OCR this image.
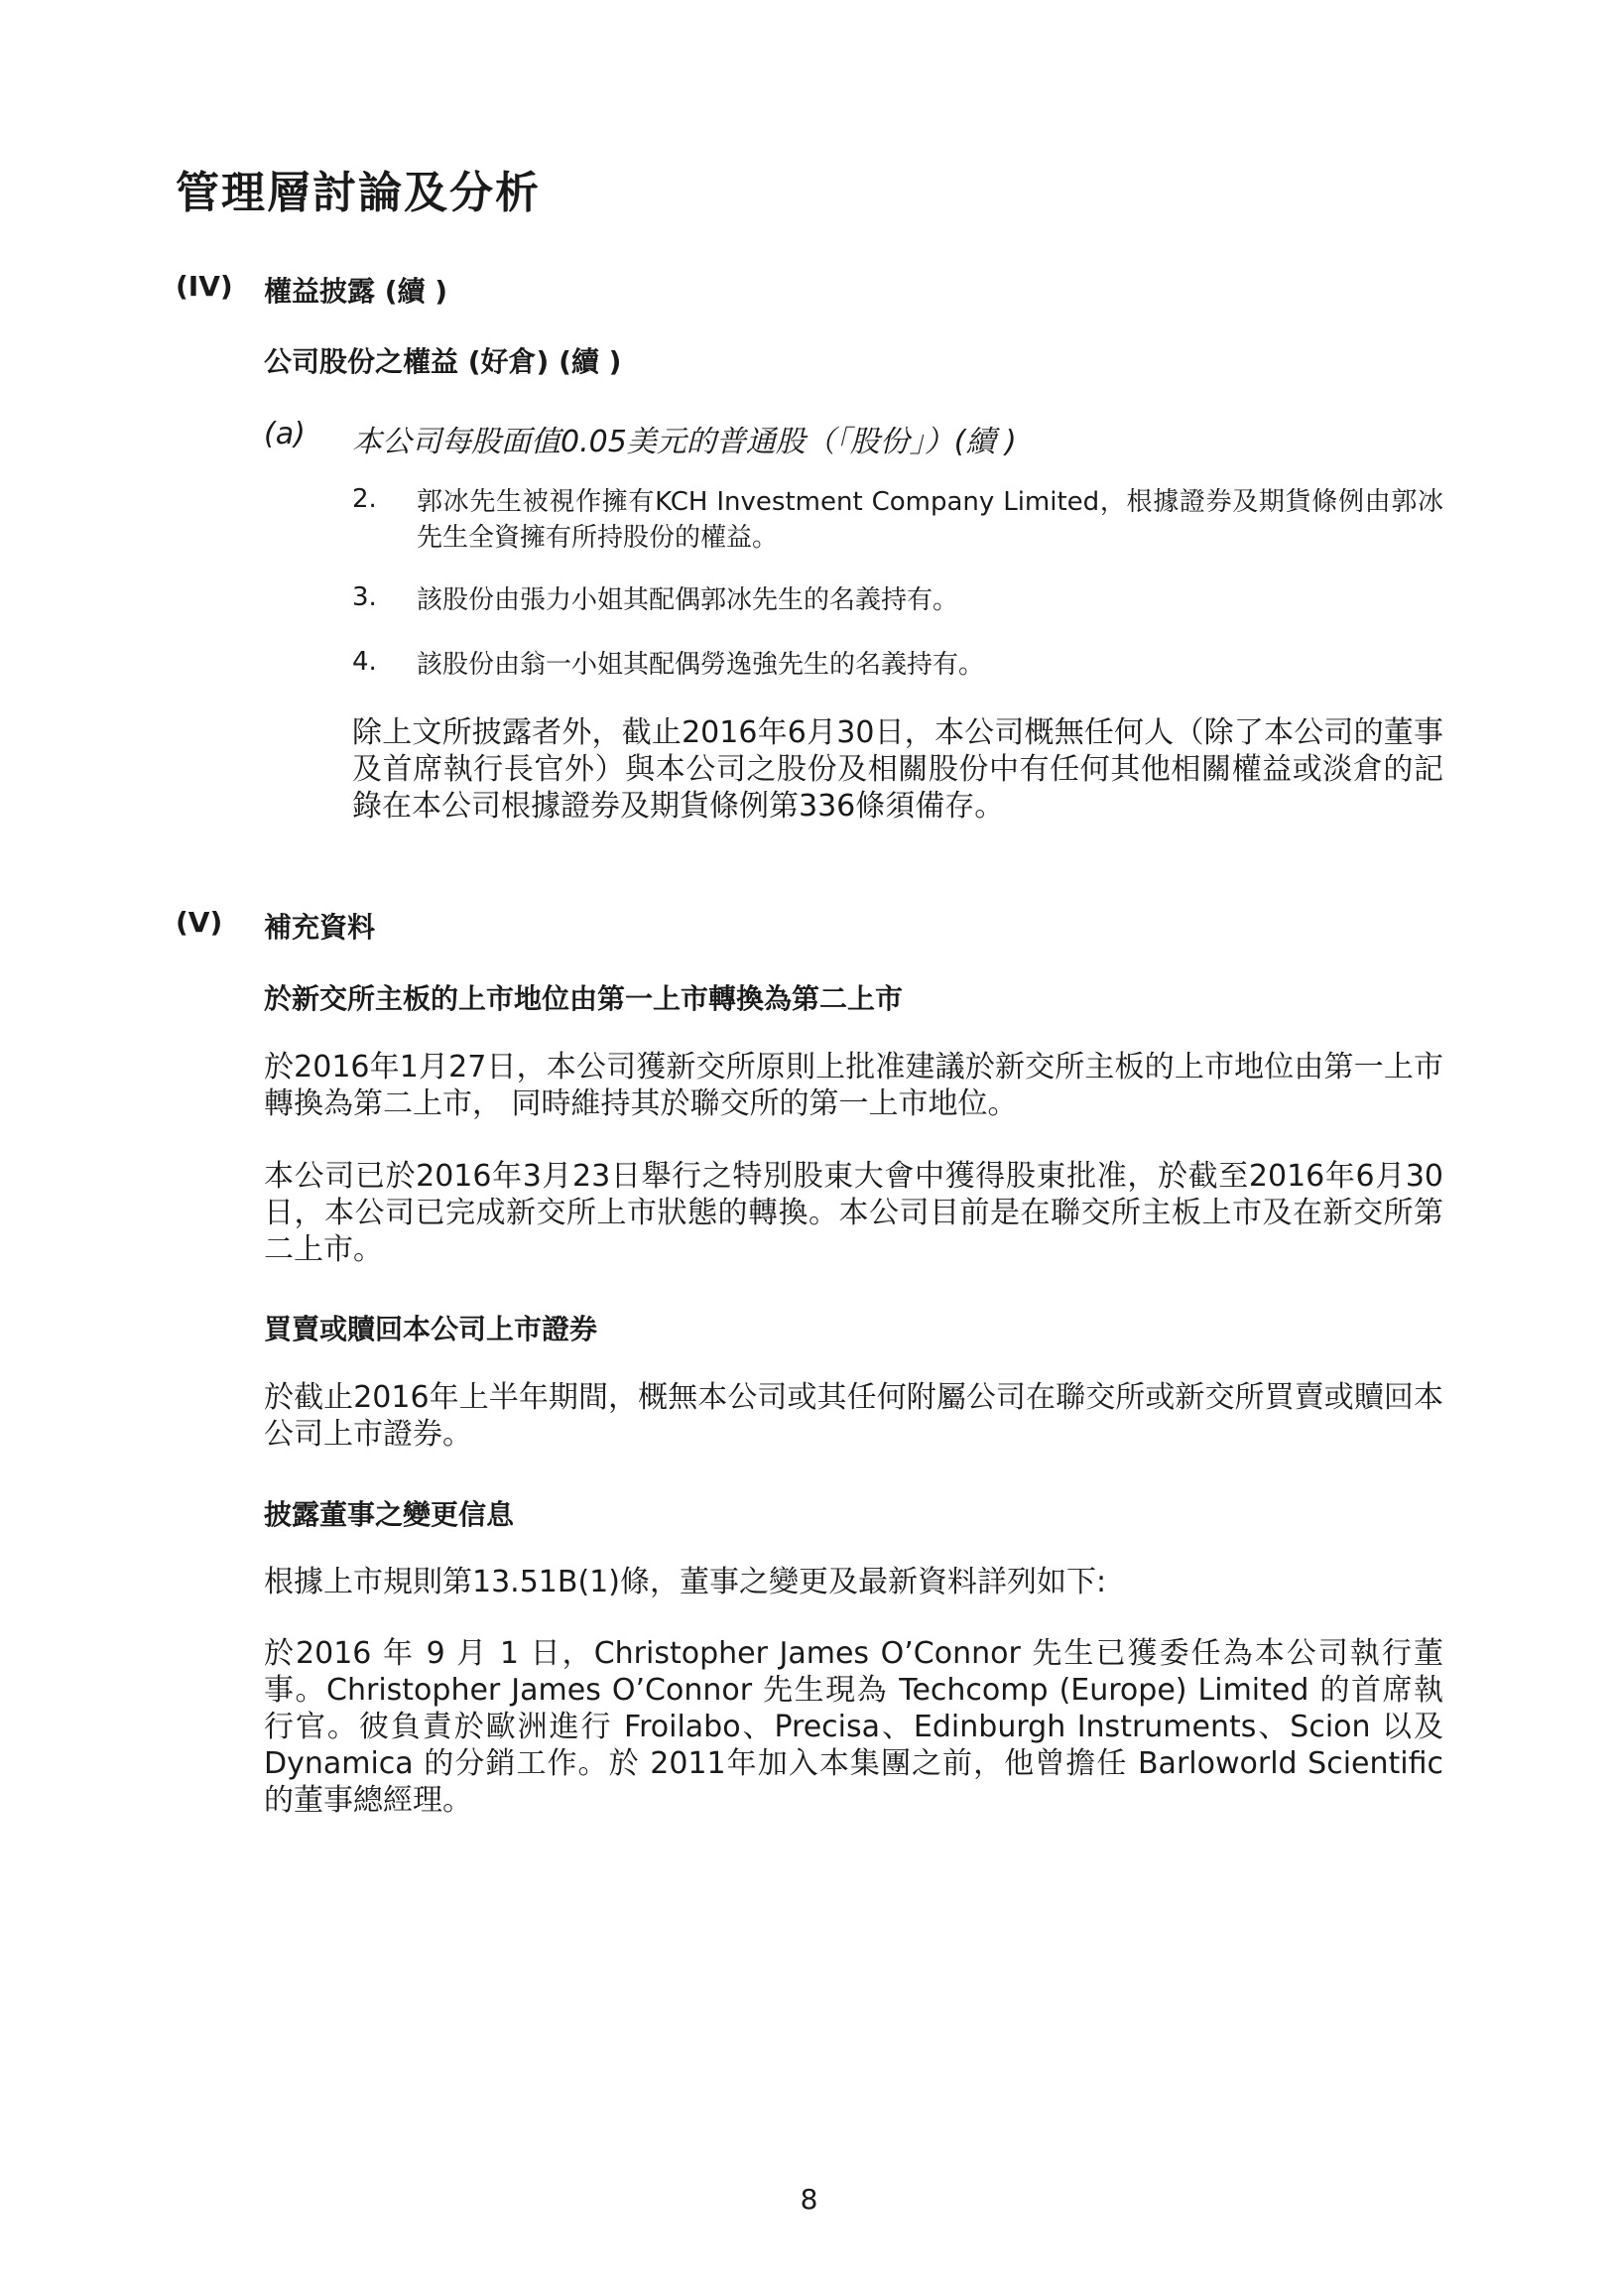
管理層討論及分析
(IV) 權益披露 (續 )
公司股份之權益 (好倉) (續 )
(a) 本公司每股面值0.05美元的普通股（「股份」）(續 )
2. 郭冰先生被視作擁有KCH Investment Company Limited，根據證券及期貨條例由郭冰先生全資擁有所持股份的權益。
3. 該股份由張力小姐其配偶郭冰先生的名義持有。
4. 該股份由翁一小姐其配偶勞逸強先生的名義持有。

除上文所披露者外，截止2016年6月30日，本公司概無任何人（除了本公司的董事及首席執行長官外）與本公司之股份及相關股份中有任何其他相關權益或淡倉的記錄在本公司根據證券及期貨條例第336條須備存。

(V) 補充資料
於新交所主板的上市地位由第一上市轉換為第二上市

於2016年1月27日，本公司獲新交所原則上批准建議於新交所主板的上市地位由第一上市轉換為第二上市， 同時維持其於聯交所的第一上市地位。

本公司已於2016年3月23日舉行之特別股東大會中獲得股東批准，於截至2016年6月30日，本公司已完成新交所上市狀態的轉換。本公司目前是在聯交所主板上市及在新交所第二上市。

買賣或贖回本公司上市證券

於截止2016年上半年期間，概無本公司或其任何附屬公司在聯交所或新交所買賣或贖回本公司上市證券。

披露董事之變更信息

根據上市規則第13.51B(1)條，董事之變更及最新資料詳列如下:

於2016 年 9 月 1 日，Christopher James O’Connor 先生已獲委任為本公司執行董事。Christopher James O’Connor 先生現為 Techcomp (Europe) Limited 的首席執行官。彼負責於歐洲進行 Froilabo、Precisa、Edinburgh Instruments、Scion 以及 Dynamica 的分銷工作。於 2011年加入本集團之前，他曾擔任 Barloworld Scientific 的董事總經理。

8
